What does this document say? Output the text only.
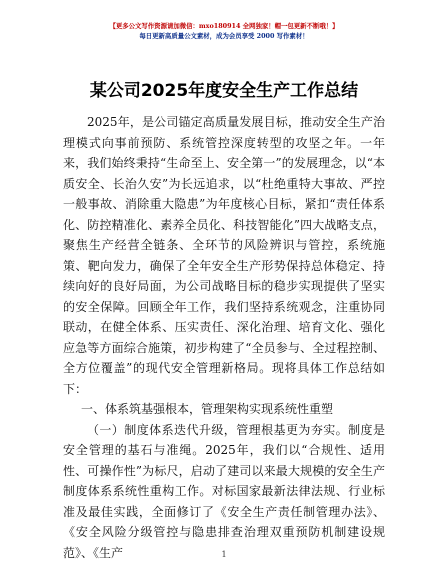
【更多公文写作资源请加微信：mxo180914 全网独家！帽一包更新不断哦！】
每日更新高质量公文素材，成为会员享受 2000 写作素材！
某公司2025年度安全生产工作总结

2025年，是公司锚定高质量发展目标，推动安全生产治理模式向事前预防、系统管控深度转型的攻坚之年。一年来，我们始终秉持“生命至上、安全第一”的发展理念，以“本质安全、长治久安”为长远追求，以“杜绝重特大事故、严控一般事故、消除重大隐患”为年度核心目标，紧扣“责任体系化、防控精准化、素养全员化、科技智能化”四大战略支点，聚焦生产经营全链条、全环节的风险辨识与管控，系统施策、靶向发力，确保了全年安全生产形势保持总体稳定、持续向好的良好局面，为公司战略目标的稳步实现提供了坚实的安全保障。回顾全年工作，我们坚持系统观念，注重协同联动，在健全体系、压实责任、深化治理、培育文化、强化应急等方面综合施策，初步构建了“全员参与、全过程控制、全方位覆盖”的现代安全管理新格局。现将具体工作总结如下：

一、体系筑基强根本，管理架构实现系统性重塑

（一）制度体系迭代升级，管理根基更为夯实。制度是安全管理的基石与准绳。2025年，我们以“合规性、适用性、可操作性”为标尺，启动了建司以来最大规模的安全生产制度体系系统性重构工作。对标国家最新法律法规、行业标准及最佳实践，全面修订了《安全生产责任制管理办法》、《安全风险分级管控与隐患排查治理双重预防机制建设规范》、《生产	1
